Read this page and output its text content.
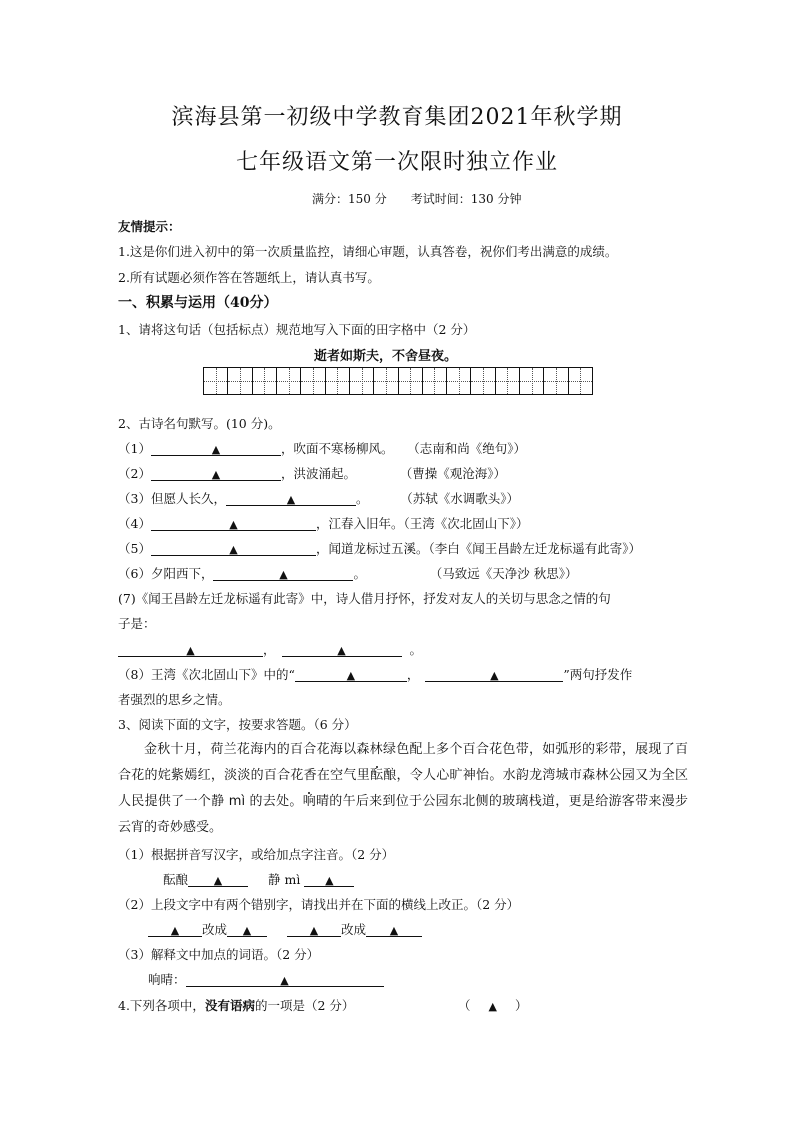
滨海县第一初级中学教育集团2021年秋学期
七年级语文第一次限时独立作业
满分：150 分　　考试时间：130 分钟
友情提示：
1.这是你们进入初中的第一次质量监控，请细心审题，认真答卷，祝你们考出满意的成绩。
2.所有试题必须作答在答题纸上，请认真书写。
一、积累与运用（40分）
1、请将这句话（包括标点）规范地写入下面的田字格中（2 分）
逝者如斯夫，不舍昼夜。
2、古诗名句默写。(10 分)。
（1）	▲	，吹面不寒杨柳风。 （志南和尚《绝句》）
（2）	▲	，洪波涌起。	（曹操《观沧海》）
（3）但愿人长久，	▲	。	（苏轼《水调歌头》）
（4）	▲	，江春入旧年。（王湾《次北固山下》）
（5）	▲	，闻道龙标过五溪。（李白《闻王昌龄左迁龙标遥有此寄》）
（6）夕阳西下，	▲	。	（马致远《天净沙 秋思》）
(7)《闻王昌龄左迁龙标遥有此寄》中，诗人借月抒怀，抒发对友人的关切与思念之情的句
子是：
▲	，	▲	。
（8）王湾《次北固山下》中的“	▲	，	▲	”两句抒发作
者强烈的思乡之情。
3、阅读下面的文字，按要求答题。（6 分）
金秋十月，荷兰花海内的百合花海以森林绿色配上多个百合花色带，如弧形的彩带，展现了百合花的姹紫嫣红，淡淡的百合花香在空气里酝酿，令人心旷神怡。水韵龙湾城市森林公园又为全区人民提供了一个静 mì 的去处。响晴的午后来到位于公园东北侧的玻璃栈道，更是给游客带来漫步云宵的奇妙感受。
（1）根据拼音写汉字，或给加点字注音。（2 分）
酝酿 ▲	静 mì ▲
（2）上段文字中有两个错别字，请找出并在下面的横线上改正。（2 分）
▲ 改成 ▲	▲ 改成 ▲
（3）解释文中加点的词语。（2 分）
响晴：	▲
4.下列各项中，没有语病的一项是（2 分）	（ ▲ ）
